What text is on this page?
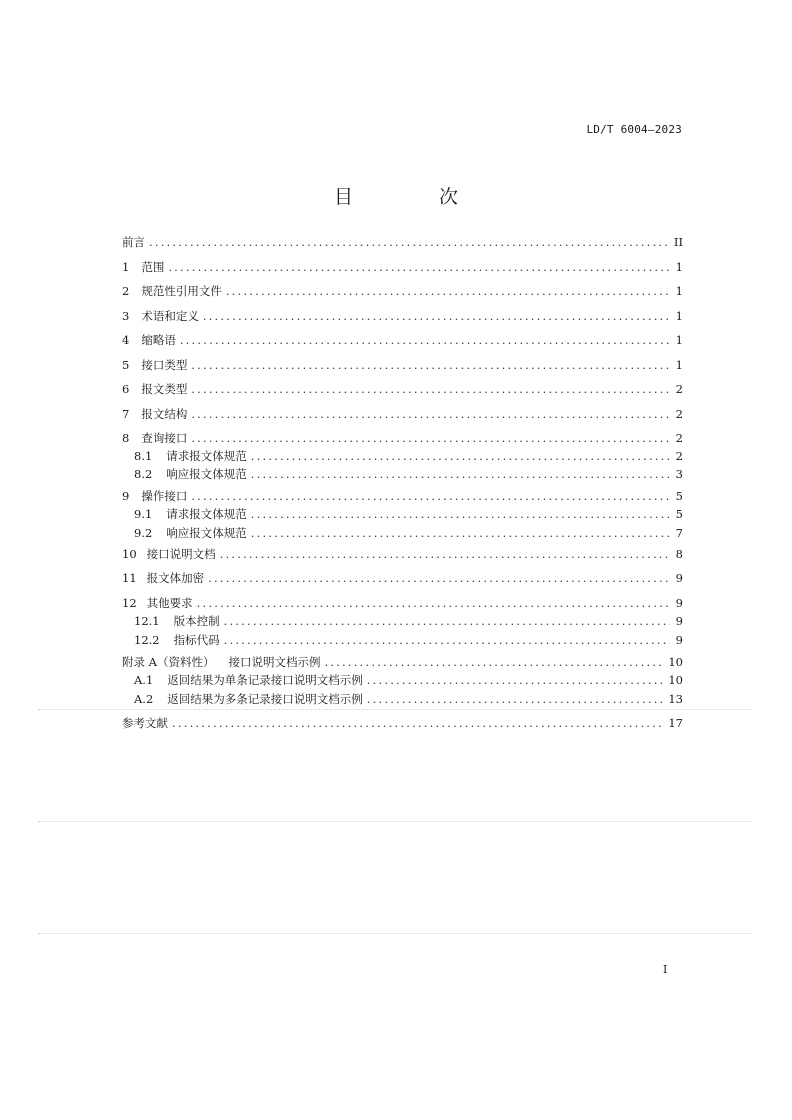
LD/T 6004—2023
目 次
前言 .....	II
1 范围 .....	1
2 规范性引用文件 .....	1
3 术语和定义 .....	1
4 缩略语 .....	1
5 接口类型 .....	1
6 报文类型 .....	2
7 报文结构 .....	2
8 查询接口 .....	2
8.1 请求报文体规范 .....	2
8.2 响应报文体规范 .....	3
9 操作接口 .....	5
9.1 请求报文体规范 .....	5
9.2 响应报文体规范 .....	7
10 接口说明文档 .....	8
11 报文体加密 .....	9
12 其他要求 .....	9
12.1 版本控制 .....	9
12.2 指标代码 .....	9
附录 A（资料性） 接口说明文档示例 .....	10
A.1 返回结果为单条记录接口说明文档示例 .....	10
A.2 返回结果为多条记录接口说明文档示例 .....	13
参考文献 .....	17
I
